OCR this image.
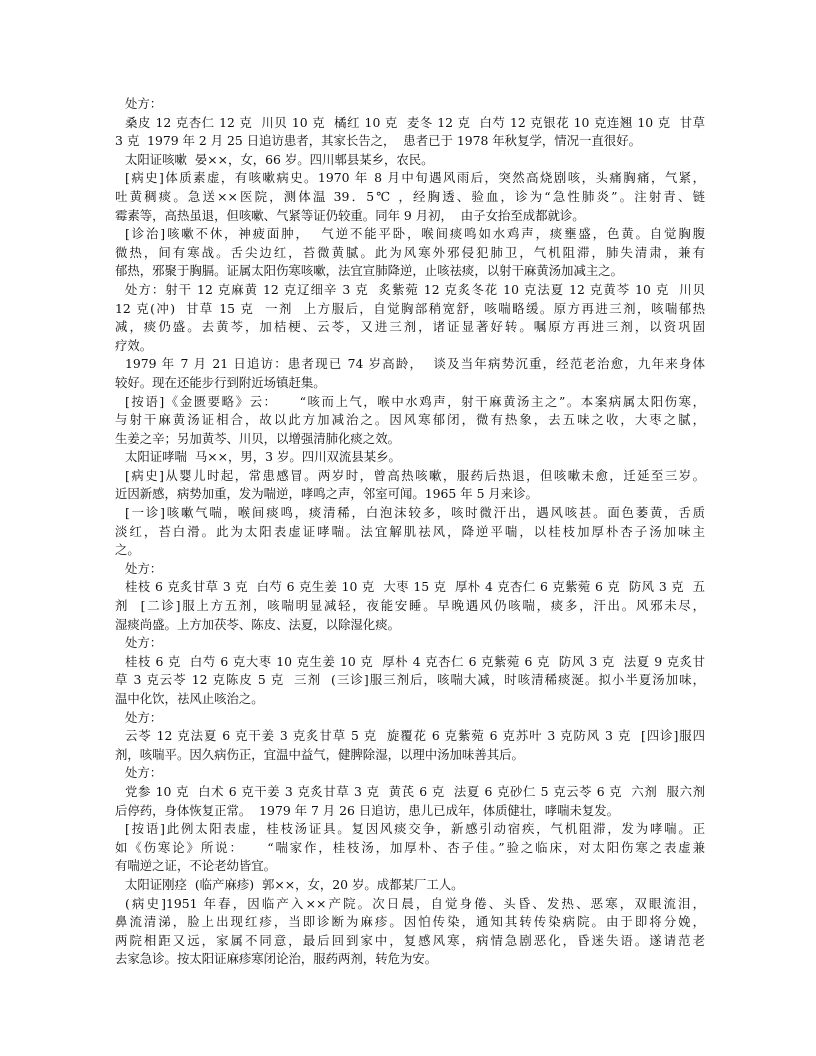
处方：
桑皮 12 克杏仁 12 克  川贝 10 克  橘红 10 克  麦冬 12 克  白芍 12 克银花 10 克连翘 10 克  甘草
3 克  1979 年 2 月 25 日追访患者，其家长告之，  患者已于 1978 年秋复学，情况一直很好。
太阳证咳嗽  晏××，女，66 岁。四川郫县某乡，农民。
[病史]体质素虚，有咳嗽病史。1970 年 8 月中旬遇风雨后，突然高烧剧咳，头痛胸痛，气紧，
吐黄稠痰。急送××医院，测体温 39．5℃ ，经胸透、验血，诊为“急性肺炎”。注射青、链
霉素等，高热虽退，但咳嗽、气紧等证仍较重。同年 9 月初，  由子女抬至成都就诊。
[诊治]咳嗽不休，神疲面肿，  气逆不能平卧，喉间痰鸣如水鸡声，痰壅盛，色黄。自觉胸腹
微热，间有寒战。舌尖边红，苔微黄腻。此为风寒外邪侵犯肺卫，气机阻滞，肺失清肃，兼有
郁热，邪聚于胸膈。证属太阳伤寒咳嗽，法宜宣肺降逆，止咳祛痰，以射干麻黄汤加减主之。
处方：射干 12 克麻黄 12 克辽细辛 3 克  炙紫菀 12 克炙冬花 10 克法夏 12 克黄芩 10 克  川贝
12 克(冲)  甘草 15 克  一剂  上方服后，自觉胸部稍宽舒，咳喘略缓。原方再进三剂，咳喘郁热
减，痰仍盛。去黄芩，加桔梗、云苓，又进三剂，诸证显著好转。嘱原方再进三剂，以资巩固
疗效。
1979 年 7 月 21 日追访：患者现已 74 岁高龄，  谈及当年病势沉重，经范老治愈，九年来身体
较好。现在还能步行到附近场镇赶集。
[按语]《金匮要略》云：    “咳而上气，喉中水鸡声，射干麻黄汤主之”。本案病属太阳伤寒，
与射干麻黄汤证相合，故以此方加减治之。因风寒郁闭，微有热象，去五味之收，大枣之腻，
生姜之辛；另加黄芩、川贝，以增强清肺化痰之效。
太阳证哮喘  马××，男，3 岁。四川双流县某乡。
[病史]从婴儿时起，常患感冒。两岁时，曾高热咳嗽，服药后热退，但咳嗽未愈，迁延至三岁。
近因新感，病势加重，发为喘逆，哮鸣之声，邻室可闻。1965 年 5 月来诊。
[一诊]咳嗽气喘，喉间痰鸣，痰清稀，白泡沫较多，咳时微汗出，遇风咳甚。面色萎黄，舌质
淡红，苔白滑。此为太阳表虚证哮喘。法宜解肌祛风，降逆平喘，以桂枝加厚朴杏子汤加味主
之。
处方：
桂枝 6 克炙甘草 3 克  白芍 6 克生姜 10 克  大枣 15 克  厚朴 4 克杏仁 6 克紫菀 6 克  防风 3 克  五
剂  [二诊]服上方五剂，咳喘明显减轻，夜能安睡。早晚遇风仍咳喘，痰多，汗出。风邪未尽，
湿痰尚盛。上方加茯苓、陈皮、法夏，以除湿化痰。
处方：
桂枝 6 克  白芍 6 克大枣 10 克生姜 10 克  厚朴 4 克杏仁 6 克紫菀 6 克  防风 3 克  法夏 9 克炙甘
草 3 克云苓 12 克陈皮 5 克  三剂  (三诊]服三剂后，咳喘大减，时咳清稀痰涎。拟小半夏汤加味，
温中化饮，祛风止咳治之。
处方：
云苓 12 克法夏 6 克干姜 3 克炙甘草 5 克  旋覆花 6 克紫菀 6 克苏叶 3 克防风 3 克  [四诊]服四
剂，咳喘平。因久病伤正，宜温中益气，健脾除湿，以理中汤加味善其后。
处方：
党参 10 克  白术 6 克干姜 3 克炙甘草 3 克  黄芪 6 克  法夏 6 克砂仁 5 克云苓 6 克  六剂  服六剂
后停药，身体恢复正常。  1979 年 7 月 26 日追访，患儿已成年，体质健壮，哮喘未复发。
[按语]此例太阳表虚，桂枝汤证具。复因风痰交争，新感引动宿疾，气机阻滞，发为哮喘。正
如《伤寒论》所说：    “喘家作，桂枝汤，加厚朴、杏子佳。”验之临床，对太阳伤寒之表虚兼
有喘逆之证，不论老幼皆宜。
太阳证刚痉  (临产麻疹)  郭××，女，20 岁。成都某厂工人。
(病史]1951 年春，因临产入××产院。次日晨，自觉身倦、头昏、发热、恶寒，双眼流泪，
鼻流清涕，脸上出现红疹，当即诊断为麻疹。因怕传染，通知其转传染病院。由于即将分娩，
两院相距又远，家属不同意，最后回到家中，复感风寒，病情急剧恶化，昏迷失语。遂请范老
去家急诊。按太阳证麻疹寒闭论治，服药两剂，转危为安。
